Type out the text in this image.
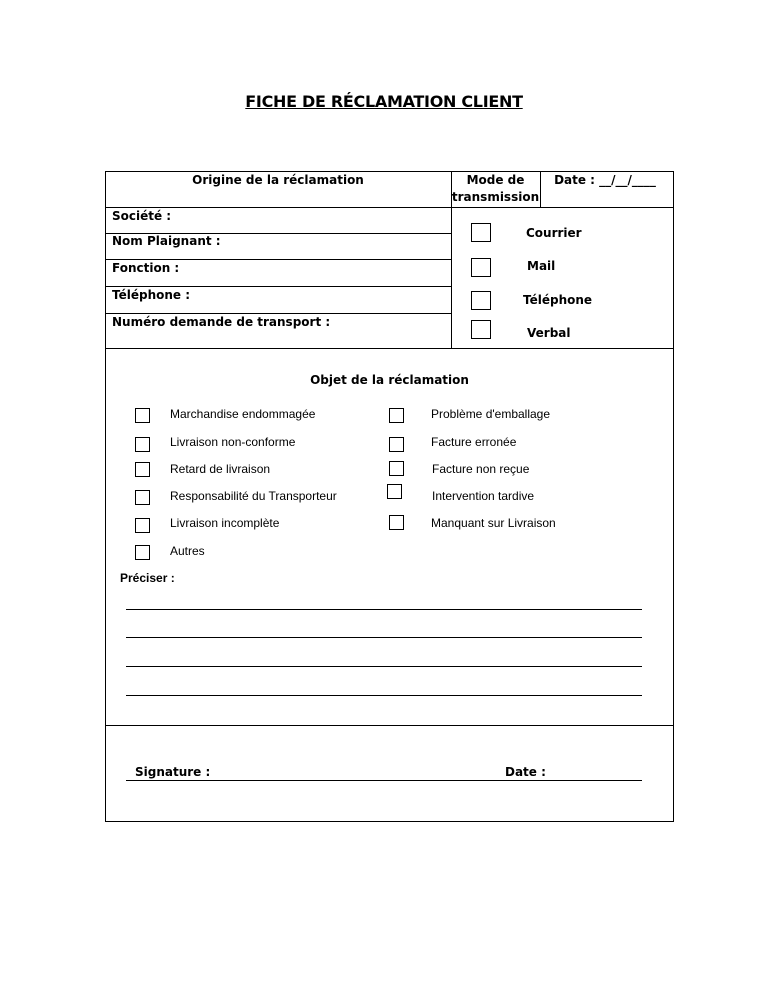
FICHE DE RÉCLAMATION CLIENT
Origine de la réclamation	Mode de
transmission
Date : __/__/____
Société :
Nom Plaignant :
Fonction :
Téléphone :
Numéro demande de transport :
Courrier
Mail
Téléphone
Verbal
Objet de la réclamation
Marchandise endommagée
Livraison non-conforme
Retard de livraison
Responsabilité du Transporteur
Livraison incomplète
Autres
Problème d'emballage
Facture erronée
Facture non reçue
Intervention tardive
Manquant sur Livraison
Préciser :
Signature :	Date :
